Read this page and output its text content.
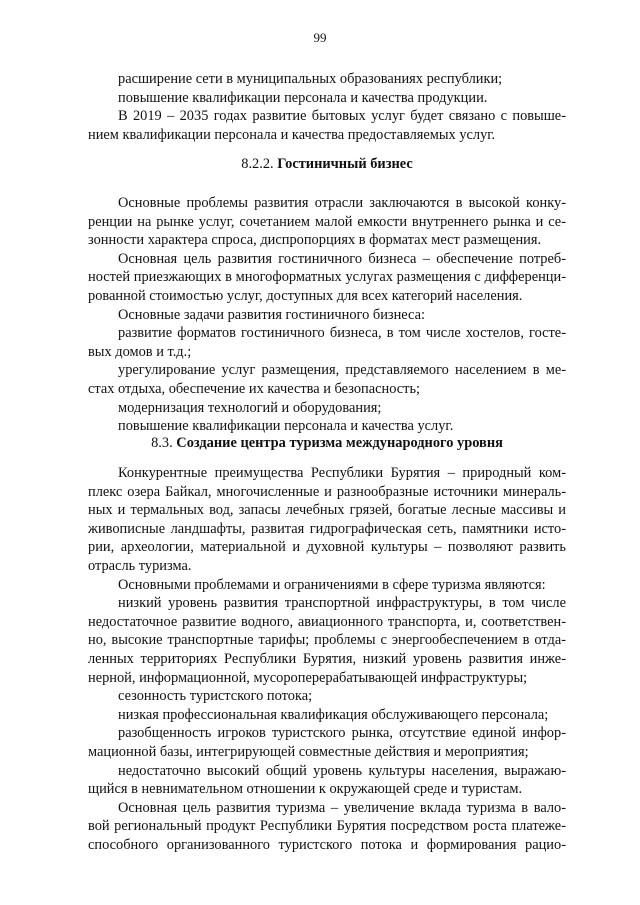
99
расширение сети в муниципальных образованиях республики;
повышение квалификации персонала и качества продукции.
В 2019 – 2035 годах развитие бытовых услуг будет связано с повыше-
нием квалификации персонала и качества предоставляемых услуг.
8.2.2. Гостиничный бизнес
Основные проблемы развития отрасли заключаются в высокой конку-
ренции на рынке услуг, сочетанием малой емкости внутреннего рынка и се-
зонности характера спроса, диспропорциях в форматах мест размещения.
Основная цель развития гостиничного бизнеса – обеспечение потреб-
ностей приезжающих в многоформатных услугах размещения с дифференци-
рованной стоимостью услуг, доступных для всех категорий населения.
Основные задачи развития гостиничного бизнеса:
развитие форматов гостиничного бизнеса, в том числе хостелов, госте-
вых домов и т.д.;
урегулирование услуг размещения, представляемого населением в ме-
стах отдыха, обеспечение их качества и безопасность;
модернизация технологий и оборудования;
повышение квалификации персонала и качества услуг.
8.3. Создание центра туризма международного уровня
Конкурентные преимущества Республики Бурятия – природный ком-
плекс озера Байкал, многочисленные и разнообразные источники минераль-
ных и термальных вод, запасы лечебных грязей, богатые лесные массивы и
живописные ландшафты, развитая гидрографическая сеть, памятники исто-
рии, археологии, материальной и духовной культуры – позволяют развить
отрасль туризма.
Основными проблемами и ограничениями в сфере туризма являются:
низкий уровень развития транспортной инфраструктуры, в том числе
недостаточное развитие водного, авиационного транспорта, и, соответствен-
но, высокие транспортные тарифы; проблемы с энергообеспечением в отда-
ленных территориях Республики Бурятия, низкий уровень развития инже-
нерной, информационной, мусороперерабатывающей инфраструктуры;
сезонность туристского потока;
низкая профессиональная квалификация обслуживающего персонала;
разобщенность игроков туристского рынка, отсутствие единой инфор-
мационной базы, интегрирующей совместные действия и мероприятия;
недостаточно высокий общий уровень культуры населения, выражаю-
щийся в невнимательном отношении к окружающей среде и туристам.
Основная цель развития туризма – увеличение вклада туризма в вало-
вой региональный продукт Республики Бурятия посредством роста платеже-
способного организованного туристского потока и формирования рацио-
